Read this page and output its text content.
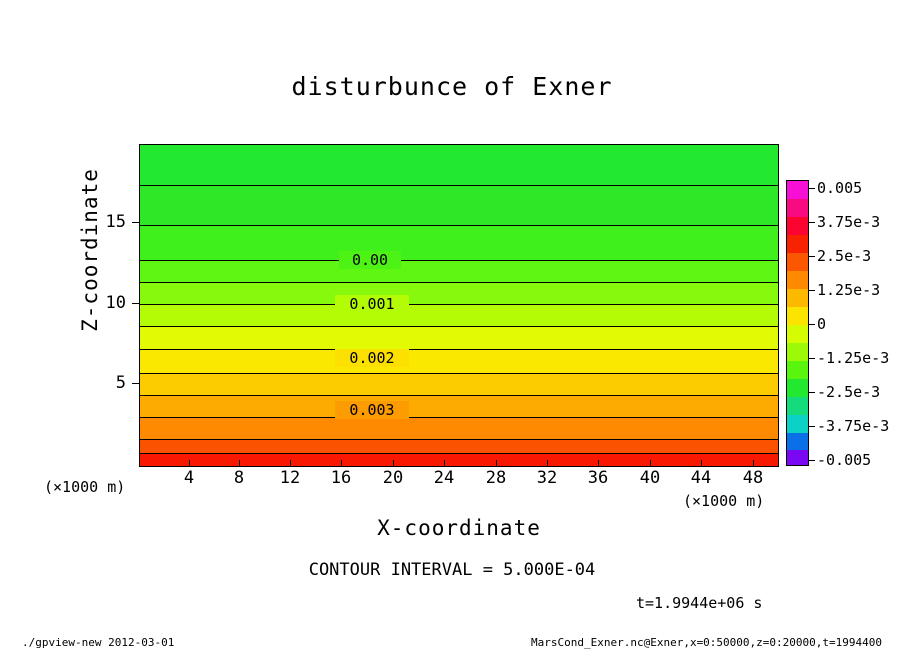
disturbunce of Exner
0.00
0.001
0.002
0.003
4 8 12 16 20 24 28 32 36 40 44 48
5
10
15
Z-coordinate
X-coordinate
(×1000 m)
(×1000 m)
0.005
3.75e-3
2.5e-3
1.25e-3
0
-1.25e-3
-2.5e-3
-3.75e-3
-0.005
CONTOUR INTERVAL = 5.000E-04
t=1.9944e+06 s
./gpview-new 2012-03-01	MarsCond_Exner.nc@Exner,x=0:50000,z=0:20000,t=1994400
